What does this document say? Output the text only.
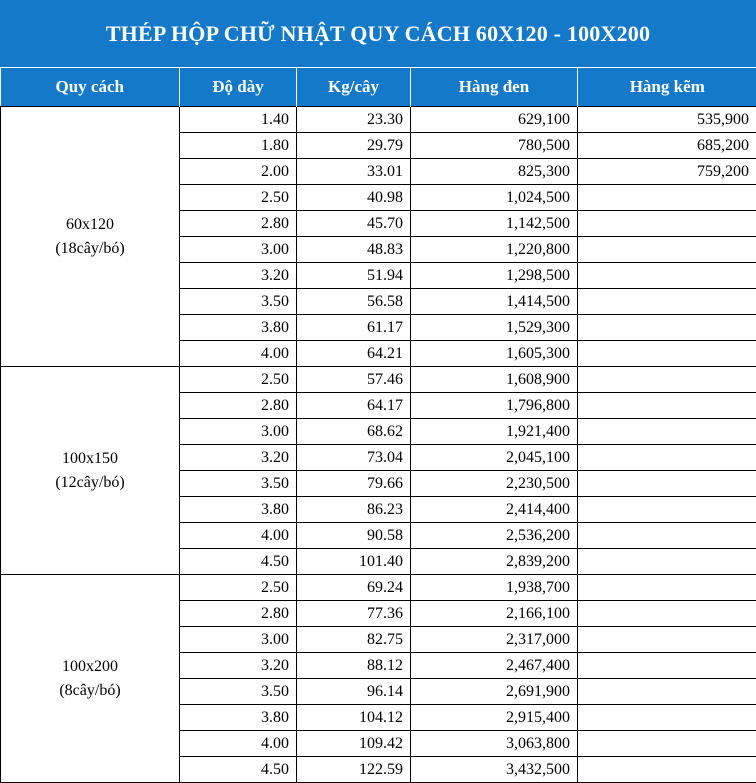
THÉP HỘP CHỮ NHẬT QUY CÁCH 60X120 - 100X200
Quy cách	Độ dày	Kg/cây	Hàng đen	Hàng kẽm

60x120
(18cây/bó)	1.40	23.30	629,100	535,900
	1.80	29.79	780,500	685,200
	2.00	33.01	825,300	759,200
	2.50	40.98	1,024,500	
	2.80	45.70	1,142,500	
	3.00	48.83	1,220,800	
	3.20	51.94	1,298,500	
	3.50	56.58	1,414,500	
	3.80	61.17	1,529,300	
	4.00	64.21	1,605,300	

100x150
(12cây/bó)	2.50	57.46	1,608,900	
	2.80	64.17	1,796,800	
	3.00	68.62	1,921,400	
	3.20	73.04	2,045,100	
	3.50	79.66	2,230,500	
	3.80	86.23	2,414,400	
	4.00	90.58	2,536,200	
	4.50	101.40	2,839,200	

100x200
(8cây/bó)	2.50	69.24	1,938,700	
	2.80	77.36	2,166,100	
	3.00	82.75	2,317,000	
	3.20	88.12	2,467,400	
	3.50	96.14	2,691,900	
	3.80	104.12	2,915,400	
	4.00	109.42	3,063,800	
	4.50	122.59	3,432,500	
